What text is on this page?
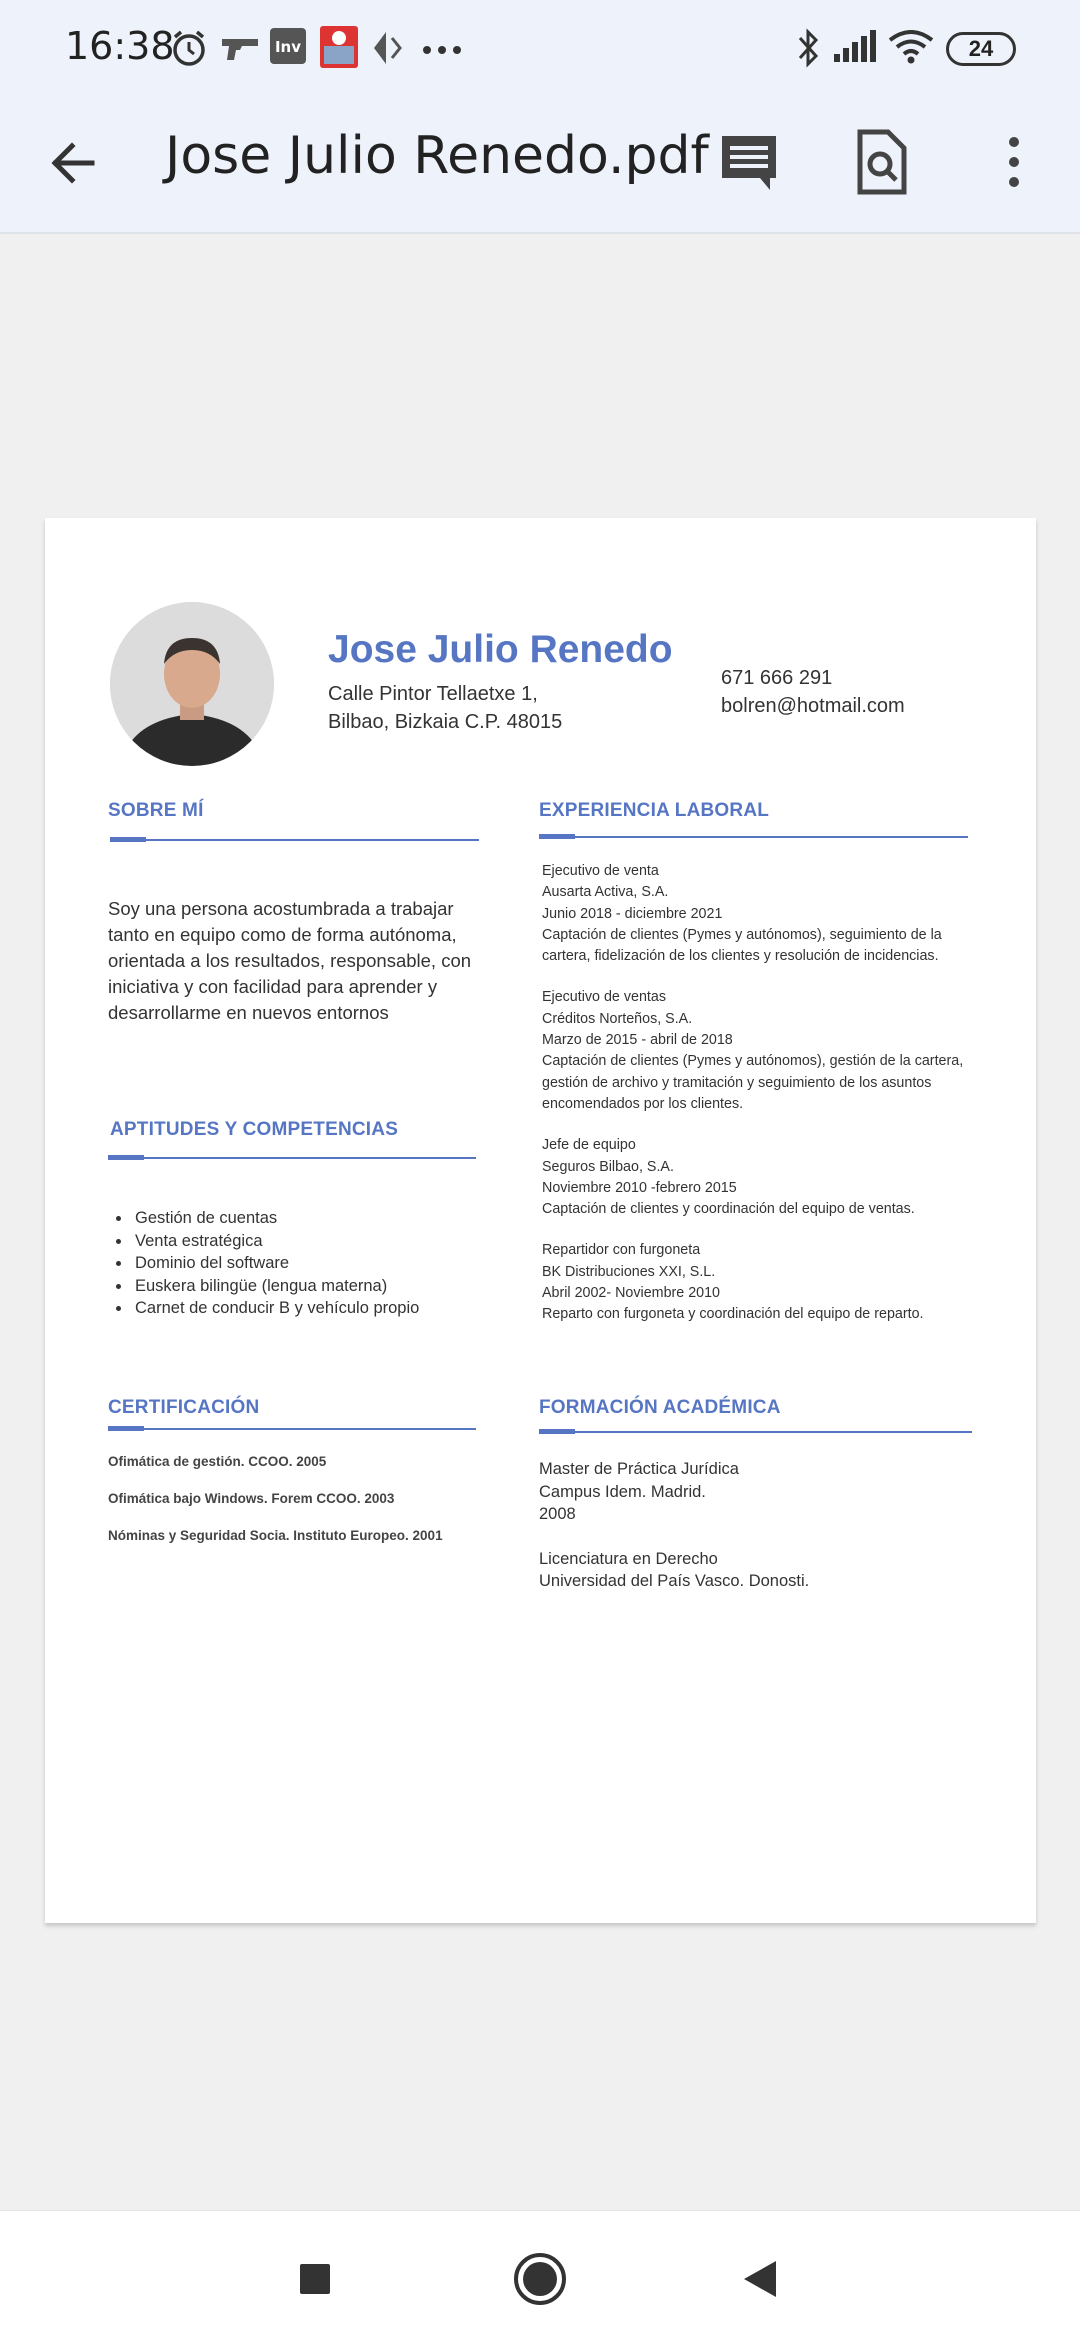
16:38	Inv	24
Jose Julio Renedo.pdf
Jose Julio Renedo
Calle Pintor Tellaetxe 1,
Bilbao, Bizkaia C.P. 48015
671 666 291
bolren@hotmail.com
SOBRE MÍ
Soy una persona acostumbrada a trabajar tanto en equipo como de forma autónoma, orientada a los resultados, responsable, con iniciativa y con facilidad para aprender y desarrollarme en nuevos entornos
APTITUDES Y COMPETENCIAS
Gestión de cuentas
Venta estratégica
Dominio del software
Euskera bilingüe (lengua materna)
Carnet de conducir B y vehículo propio
CERTIFICACIÓN
Ofimática de gestión. CCOO. 2005
Ofimática bajo Windows. Forem CCOO. 2003
Nóminas y Seguridad Socia. Instituto Europeo. 2001
EXPERIENCIA LABORAL
Ejecutivo de venta
Ausarta Activa, S.A.
Junio 2018 - diciembre 2021
Captación de clientes (Pymes y autónomos), seguimiento de la cartera, fidelización de los clientes y resolución de incidencias.
Ejecutivo de ventas
Créditos Norteños, S.A.
Marzo de 2015 - abril de 2018
Captación de clientes (Pymes y autónomos), gestión de la cartera, gestión de archivo y tramitación y seguimiento de los asuntos encomendados por los clientes.
Jefe de equipo
Seguros Bilbao, S.A.
Noviembre 2010 -febrero 2015
Captación de clientes y coordinación del equipo de ventas.
Repartidor con furgoneta
BK Distribuciones XXI, S.L.
Abril 2002- Noviembre 2010
Reparto con furgoneta y coordinación del equipo de reparto.
FORMACIÓN ACADÉMICA
Master de Práctica Jurídica
Campus Idem. Madrid.
2008
Licenciatura en Derecho
Universidad del País Vasco. Donosti.
